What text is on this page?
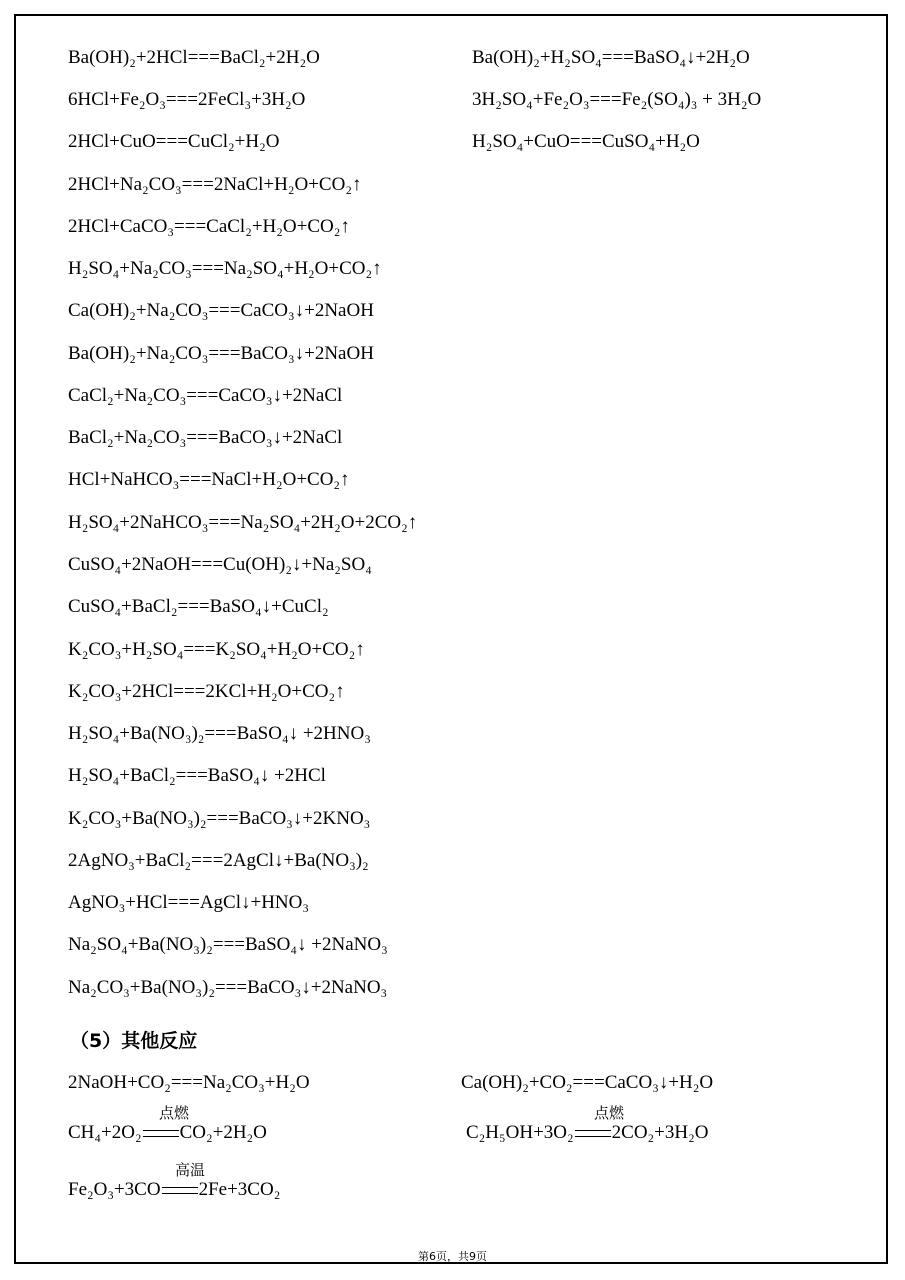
Ba(OH)₂+2HCl===BaCl₂+2H₂O
6HCl+Fe₂O₃===2FeCl₃+3H₂O
2HCl+CuO===CuCl₂+H₂O
2HCl+Na₂CO₃===2NaCl+H₂O+CO₂↑
2HCl+CaCO₃===CaCl₂+H₂O+CO₂↑
H₂SO₄+Na₂CO₃===Na₂SO₄+H₂O+CO₂↑
Ca(OH)₂+Na₂CO₃===CaCO₃↓+2NaOH
Ba(OH)₂+Na₂CO₃===BaCO₃↓+2NaOH
CaCl₂+Na₂CO₃===CaCO₃↓+2NaCl
BaCl₂+Na₂CO₃===BaCO₃↓+2NaCl
HCl+NaHCO₃===NaCl+H₂O+CO₂↑
H₂SO₄+2NaHCO₃===Na₂SO₄+2H₂O+2CO₂↑
CuSO₄+2NaOH===Cu(OH)₂↓+Na₂SO₄
CuSO₄+BaCl₂===BaSO₄↓+CuCl₂
K₂CO₃+H₂SO₄===K₂SO₄+H₂O+CO₂↑
K₂CO₃+2HCl===2KCl+H₂O+CO₂↑
H₂SO₄+Ba(NO₃)₂===BaSO₄↓ +2HNO₃
H₂SO₄+BaCl₂===BaSO₄↓ +2HCl
K₂CO₃+Ba(NO₃)₂===BaCO₃↓+2KNO₃
2AgNO₃+BaCl₂===2AgCl↓+Ba(NO₃)₂
AgNO₃+HCl===AgCl↓+HNO₃
Na₂SO₄+Ba(NO₃)₂===BaSO₄↓ +2NaNO₃
Na₂CO₃+Ba(NO₃)₂===BaCO₃↓+2NaNO₃
Ba(OH)₂+H₂SO₄===BaSO₄↓+2H₂O
3H₂SO₄+Fe₂O₃===Fe₂(SO₄)₃ + 3H₂O
H₂SO₄+CuO===CuSO₄+H₂O
（5）其他反应
2NaOH+CO₂===Na₂CO₃+H₂O	Ca(OH)₂+CO₂===CaCO₃↓+H₂O
CH₄+2O₂
点燃
CO₂+2H₂O	C₂H₅OH+3O₂
点燃
2CO₂+3H₂O
Fe₂O₃+3CO
高温
2Fe+3CO₂
第6页，共9页
